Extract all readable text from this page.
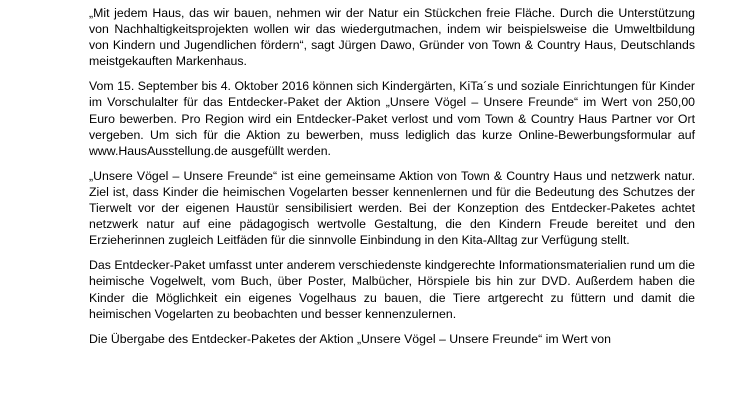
„Mit jedem Haus, das wir bauen, nehmen wir der Natur ein Stückchen freie Fläche. Durch die Unterstützung von Nachhaltigkeitsprojekten wollen wir das wiedergutmachen, indem wir beispielsweise die Umweltbildung von Kindern und Jugendlichen fördern“, sagt Jürgen Dawo, Gründer von Town & Country Haus, Deutschlands meistgekauften Markenhaus.

Vom 15. September bis 4. Oktober 2016 können sich Kindergärten, KiTa´s und soziale Einrichtungen für Kinder im Vorschulalter für das Entdecker-Paket der Aktion „Unsere Vögel – Unsere Freunde“ im Wert von 250,00 Euro bewerben. Pro Region wird ein Entdecker-Paket verlost und vom Town & Country Haus Partner vor Ort vergeben. Um sich für die Aktion zu bewerben, muss lediglich das kurze Online-Bewerbungsformular auf www.HausAusstellung.de ausgefüllt werden.

„Unsere Vögel – Unsere Freunde“ ist eine gemeinsame Aktion von Town & Country Haus und netzwerk natur. Ziel ist, dass Kinder die heimischen Vogelarten besser kennenlernen und für die Bedeutung des Schutzes der Tierwelt vor der eigenen Haustür sensibilisiert werden. Bei der Konzeption des Entdecker-Paketes achtet netzwerk natur auf eine pädagogisch wertvolle Gestaltung, die den Kindern Freude bereitet und den Erzieherinnen zugleich Leitfäden für die sinnvolle Einbindung in den Kita-Alltag zur Verfügung stellt.

Das Entdecker-Paket umfasst unter anderem verschiedenste kindgerechte Informationsmaterialien rund um die heimische Vogelwelt, vom Buch, über Poster, Malbücher, Hörspiele bis hin zur DVD. Außerdem haben die Kinder die Möglichkeit ein eigenes Vogelhaus zu bauen, die Tiere artgerecht zu füttern und damit die heimischen Vogelarten zu beobachten und besser kennenzulernen.

Die Übergabe des Entdecker-Paketes der Aktion „Unsere Vögel – Unsere Freunde“ im Wert von
